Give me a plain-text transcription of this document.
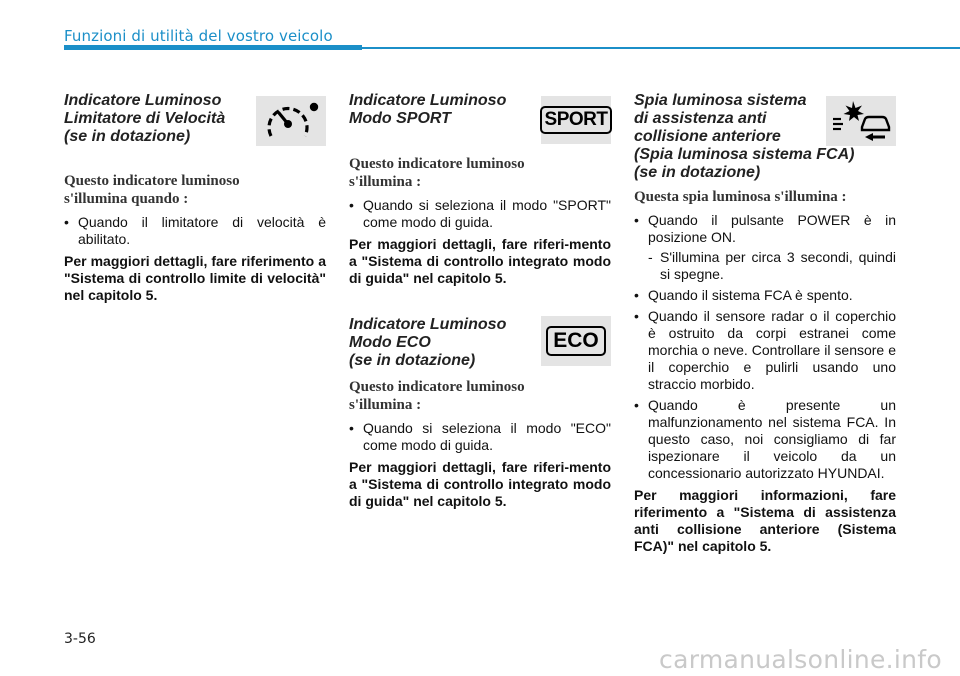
Funzioni di utilità del vostro veicolo
Indicatore Luminoso
Limitatore di Velocità
(se in dotazione)
Questo indicatore luminoso
s'illumina quando :
• Quando il limitatore di velocità è abilitato.
Per maggiori dettagli, fare riferimento a "Sistema di controllo limite di velocità" nel capitolo 5.
Indicatore Luminoso
Modo SPORT	SPORT
Questo indicatore luminoso
s'illumina :
• Quando si seleziona il modo "SPORT" come modo di guida.
Per maggiori dettagli, fare riferi-mento a "Sistema di controllo integrato modo di guida" nel capitolo 5.
Indicatore Luminoso
Modo ECO
(se in dotazione)
ECO
Questo indicatore luminoso
s'illumina :
• Quando si seleziona il modo "ECO" come modo di guida.
Per maggiori dettagli, fare riferi-mento a "Sistema di controllo integrato modo di guida" nel capitolo 5.
Spia luminosa sistema
di assistenza anti
collisione anteriore
(Spia luminosa sistema FCA)
(se in dotazione)
Questa spia luminosa s'illumina :
• Quando il pulsante POWER è in posizione ON.
- S'illumina per circa 3 secondi, quindi si spegne.
• Quando il sistema FCA è spento.
• Quando il sensore radar o il coperchio è ostruito da corpi estranei come morchia o neve. Controllare il sensore e il coperchio e pulirli usando uno straccio morbido.
• Quando è presente un malfunzionamento nel sistema FCA. In questo caso, noi consigliamo di far ispezionare il veicolo da un concessionario autorizzato HYUNDAI.
Per maggiori informazioni, fare riferimento a "Sistema di assistenza anti collisione anteriore (Sistema FCA)" nel capitolo 5.
3-56
carmanualsonline.info
